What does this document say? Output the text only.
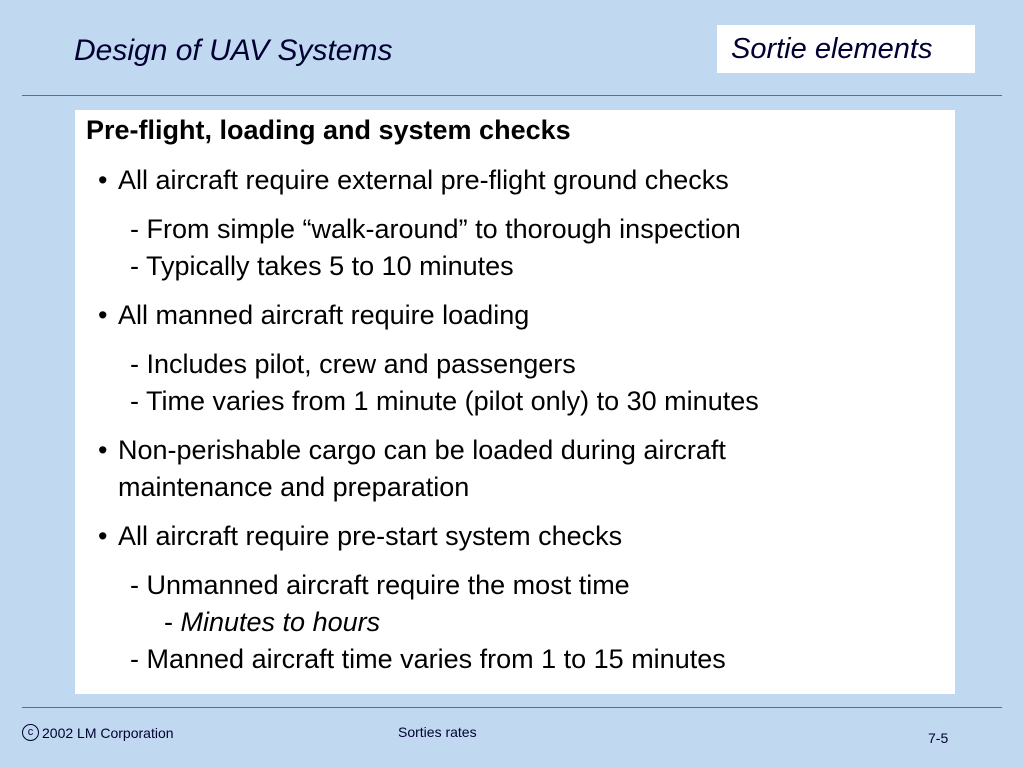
Design of UAV Systems	Sortie elements
Pre-flight, loading and system checks
• All aircraft require external pre-flight ground checks
- From simple “walk-around” to thorough inspection
- Typically takes 5 to 10 minutes
• All manned aircraft require loading
- Includes pilot, crew and passengers
- Time varies from 1 minute (pilot only) to 30 minutes
• Non-perishable cargo can be loaded during aircraft
maintenance and preparation
• All aircraft require pre-start system checks
- Unmanned aircraft require the most time
- Minutes to hours
- Manned aircraft time varies from 1 to 15 minutes
c 2002 LM Corporation	Sorties rates	7-5
